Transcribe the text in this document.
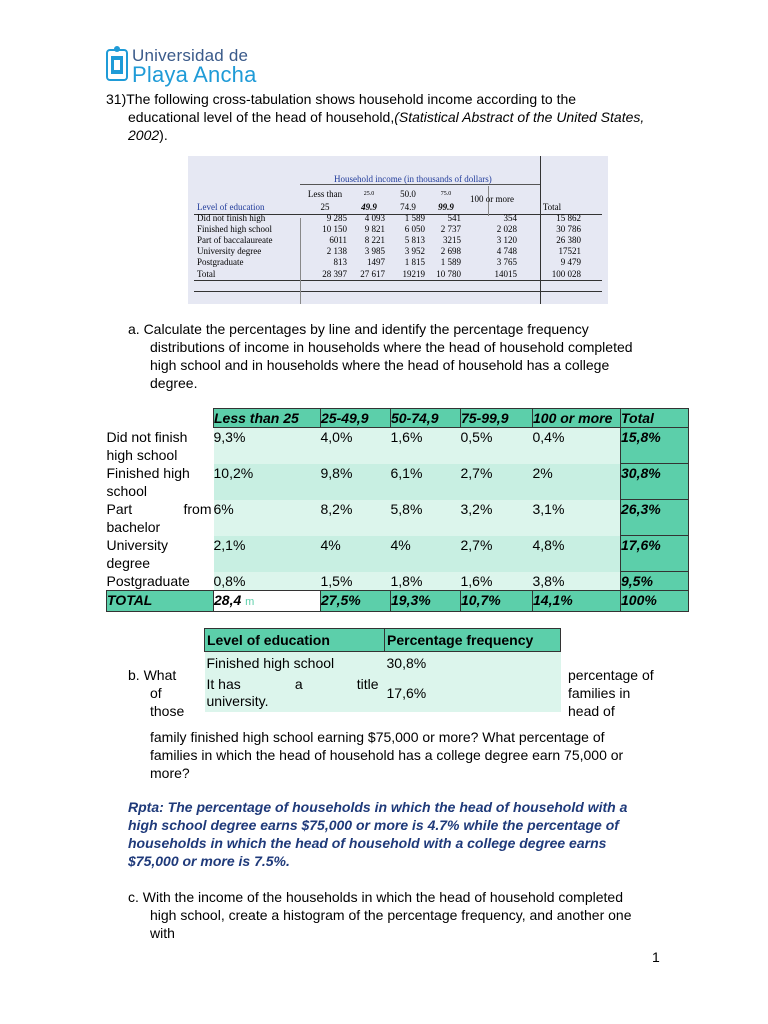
Universidad de
Playa Ancha
31)The following cross-tabulation shows household income according to the
educational level of the head of household,(Statistical Abstract of the United States,
2002).
Household income (in thousands of dollars)
	Less than	25.0	50.0	75.0	100 or more	
Level of education	25	49.9	74.9	99.9		Total
Did not finish high	9 285	4 093	1 589	541	354	15 862
Finished high school	10 150	9 821	6 050	2 737	2 028	30 786
Part of baccalaureate	6011	8 221	5 813	3215	3 120	26 380
University degree	2 138	3 985	3 952	2 698	4 748	17521
Postgraduate	813	1497	1 815	1 589	3 765	9 479
Total	28 397	27 617	19219	10 780	14015	100 028
a. Calculate the percentages by line and identify the percentage frequency
distributions of income in households where the head of household completed
high school and in households where the head of household has a college
degree.
	Less than 25	25-49,9	50-74,9	75-99,9	100 or more	Total

Did not finish
high school	9,3%	4,0%	1,6%	0,5%	0,4%	15,8%

Finished high
school	10,2%	9,8%	6,1%	2,7%	2%	30,8%

Part from
bachelor	6%	8,2%	5,8%	3,2%	3,1%	26,3%

University
degree	2,1%	4%	4%	2,7%	4,8%	17,6%

Postgraduate	0,8%	1,5%	1,8%	1,6%	3,8%	9,5%
TOTAL	28,4 m	27,5%	19,3%	10,7%	14,1%	100%
Level of education	Percentage frequency
Finished high school	30,8%

It has a title
university.	17,6%
b. What
of
those
percentage of
families in
head of
family finished high school earning $75,000 or more? What percentage of
families in which the head of household has a college degree earn 75,000 or
more?
Rpta: The percentage of households in which the head of household with a
high school degree earns $75,000 or more is 4.7% while the percentage of
households in which the head of household with a college degree earns
$75,000 or more is 7.5%.
c. With the income of the households in which the head of household completed
high school, create a histogram of the percentage frequency, and another one
with
1
